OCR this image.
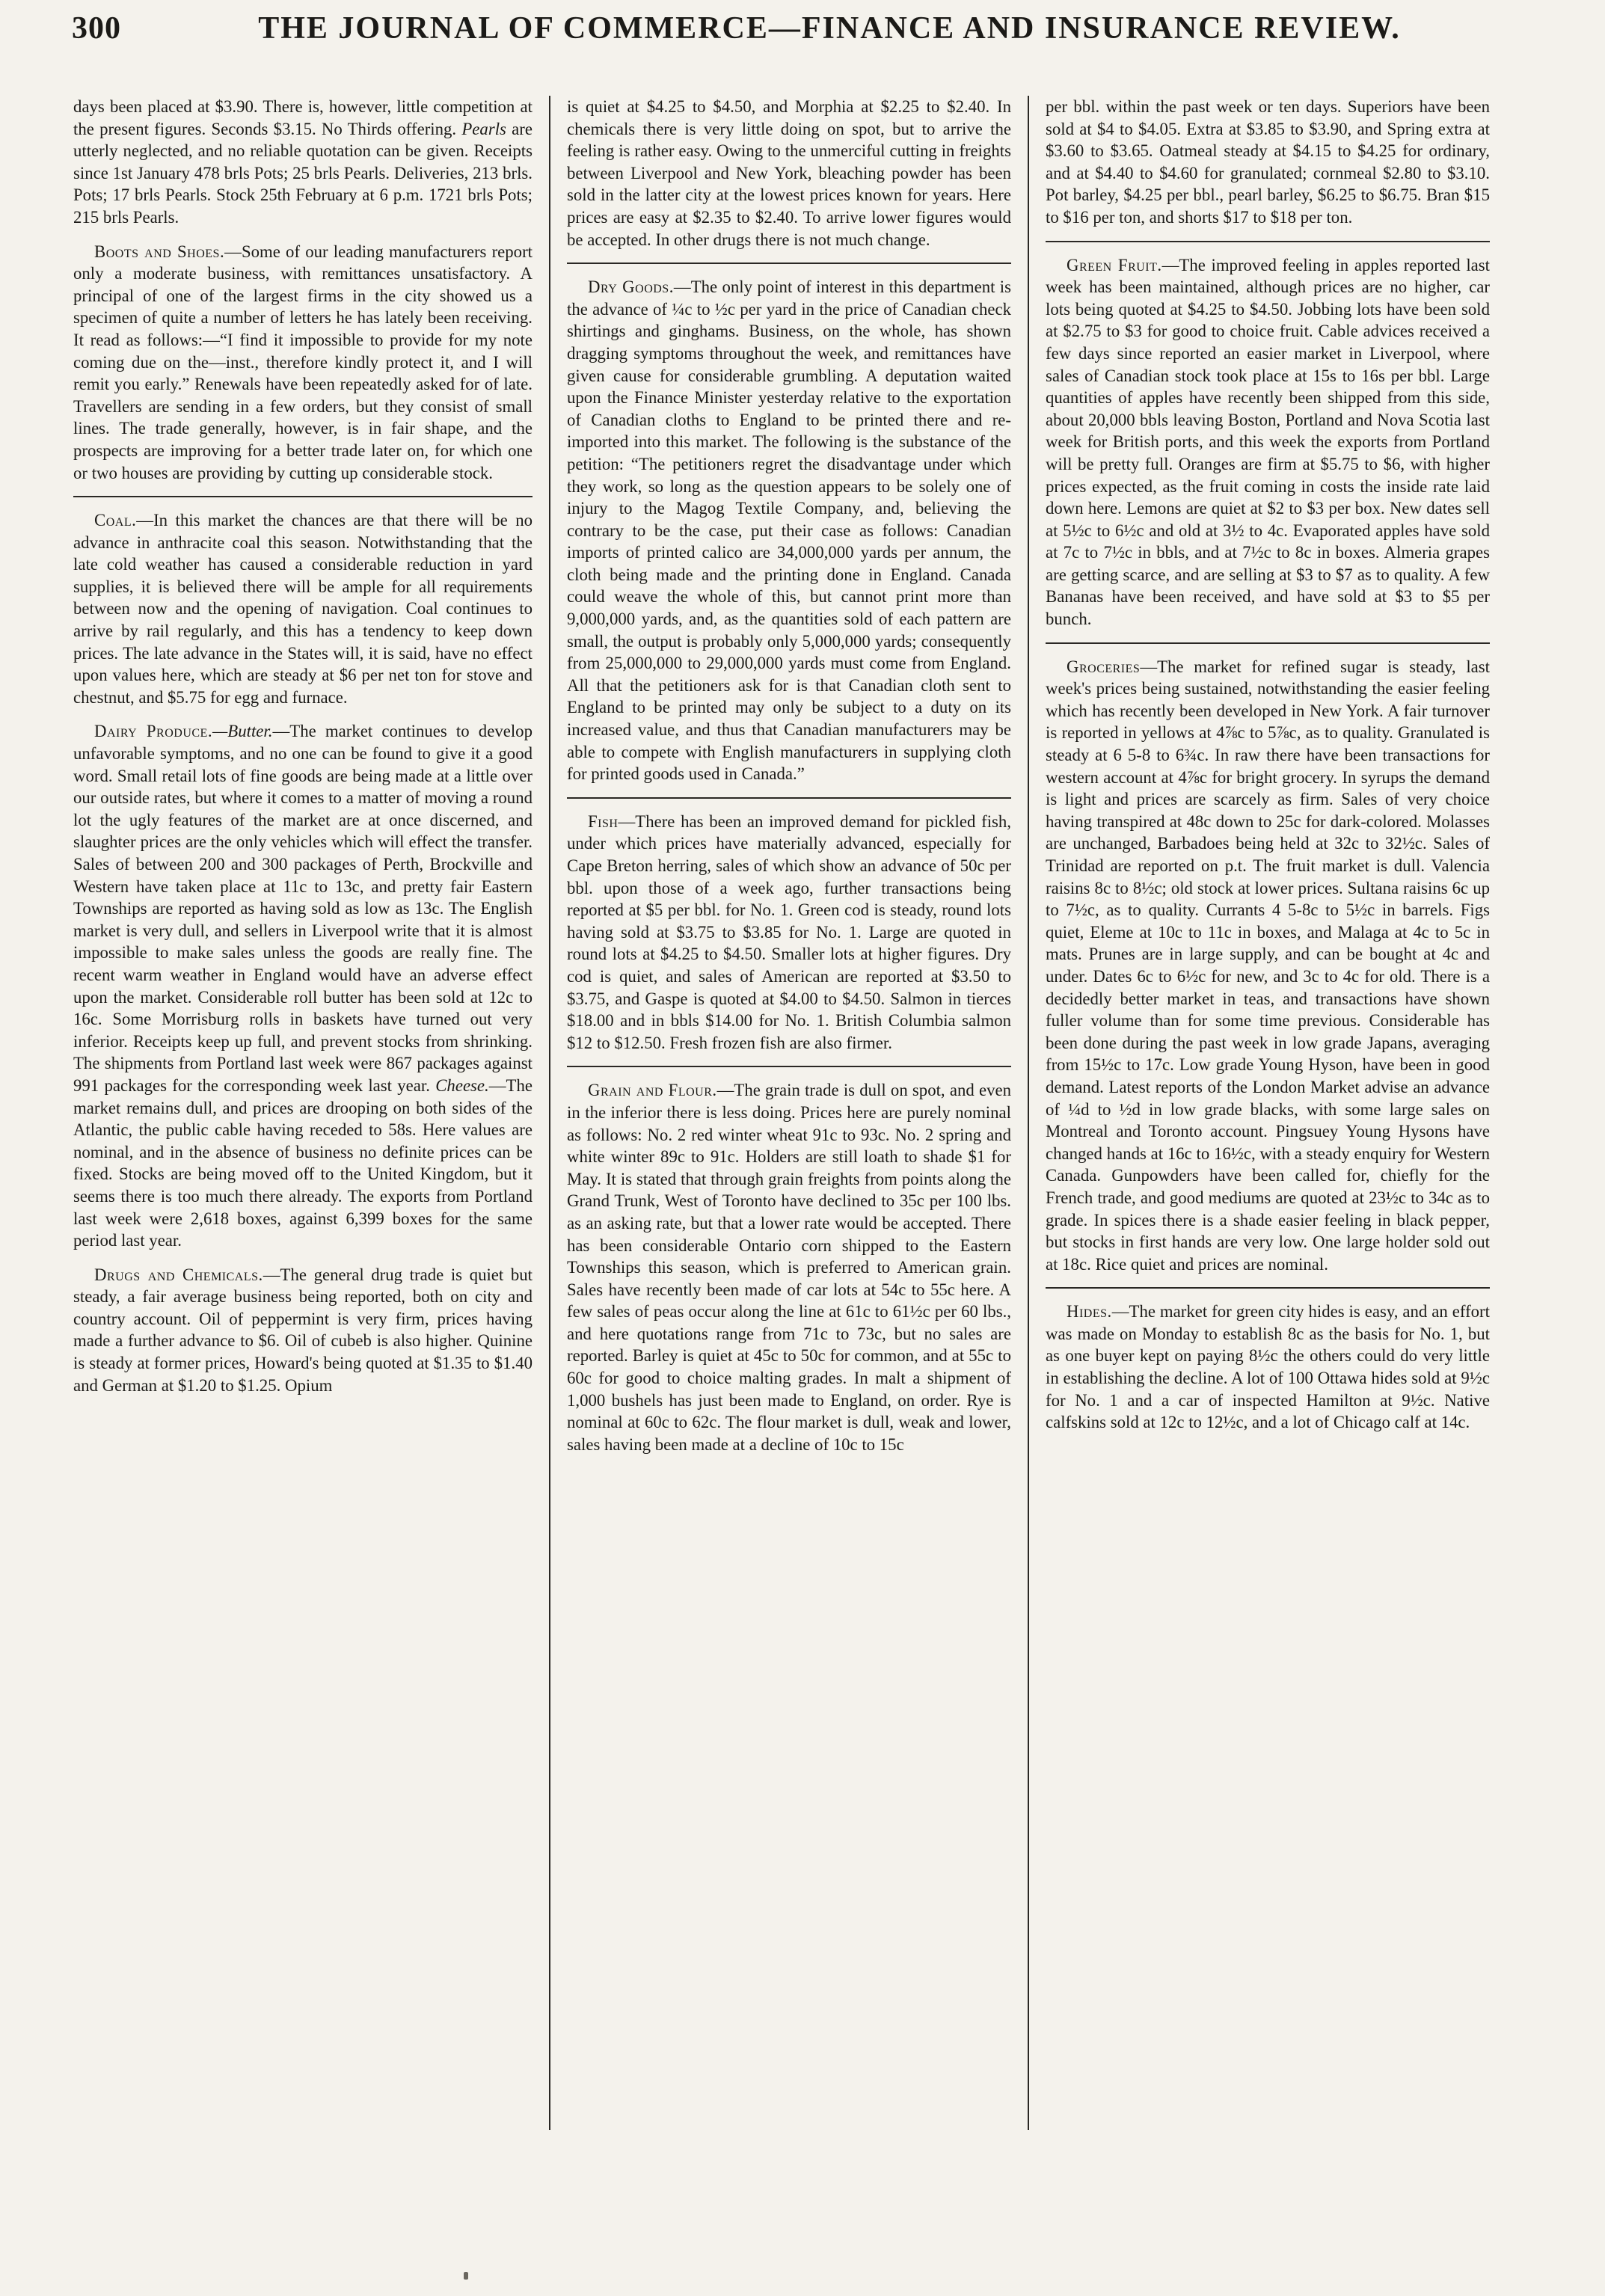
300	THE JOURNAL OF COMMERCE—FINANCE AND INSURANCE REVIEW.

days been placed at $3.90. There is, however, little competition at the present figures. Seconds $3.15. No Thirds offering. Pearls are utterly neglected, and no reliable quotation can be given. Receipts since 1st January 478 brls Pots; 25 brls Pearls. Deliveries, 213 brls. Pots; 17 brls Pearls. Stock 25th February at 6 p.m. 1721 brls Pots; 215 brls Pearls.

Boots and Shoes.—Some of our leading manufacturers report only a moderate business, with remittances unsatisfactory. A principal of one of the largest firms in the city showed us a specimen of quite a number of letters he has lately been receiving. It read as follows:—“I find it impossible to provide for my note coming due on the—inst., therefore kindly protect it, and I will remit you early.” Renewals have been repeatedly asked for of late. Travellers are sending in a few orders, but they consist of small lines. The trade generally, however, is in fair shape, and the prospects are improving for a better trade later on, for which one or two houses are providing by cutting up considerable stock.

Coal.—In this market the chances are that there will be no advance in anthracite coal this season. Notwithstanding that the late cold weather has caused a considerable reduction in yard supplies, it is believed there will be ample for all requirements between now and the opening of navigation. Coal continues to arrive by rail regularly, and this has a tendency to keep down prices. The late advance in the States will, it is said, have no effect upon values here, which are steady at $6 per net ton for stove and chestnut, and $5.75 for egg and furnace.

Dairy Produce.—Butter.—The market continues to develop unfavorable symptoms, and no one can be found to give it a good word. Small retail lots of fine goods are being made at a little over our outside rates, but where it comes to a matter of moving a round lot the ugly features of the market are at once discerned, and slaughter prices are the only vehicles which will effect the transfer. Sales of between 200 and 300 packages of Perth, Brockville and Western have taken place at 11c to 13c, and pretty fair Eastern Townships are reported as having sold as low as 13c. The English market is very dull, and sellers in Liverpool write that it is almost impossible to make sales unless the goods are really fine. The recent warm weather in England would have an adverse effect upon the market. Considerable roll butter has been sold at 12c to 16c. Some Morrisburg rolls in baskets have turned out very inferior. Receipts keep up full, and prevent stocks from shrinking. The shipments from Portland last week were 867 packages against 991 packages for the corresponding week last year. Cheese.—The market remains dull, and prices are drooping on both sides of the Atlantic, the public cable having receded to 58s. Here values are nominal, and in the absence of business no definite prices can be fixed. Stocks are being moved off to the United Kingdom, but it seems there is too much there already. The exports from Portland last week were 2,618 boxes, against 6,399 boxes for the same period last year.

Drugs and Chemicals.—The general drug trade is quiet but steady, a fair average business being reported, both on city and country account. Oil of peppermint is very firm, prices having made a further advance to $6. Oil of cubeb is also higher. Quinine is steady at former prices, Howard's being quoted at $1.35 to $1.40 and German at $1.20 to $1.25. Opium

is quiet at $4.25 to $4.50, and Morphia at $2.25 to $2.40. In chemicals there is very little doing on spot, but to arrive the feeling is rather easy. Owing to the unmerciful cutting in freights between Liverpool and New York, bleaching powder has been sold in the latter city at the lowest prices known for years. Here prices are easy at $2.35 to $2.40. To arrive lower figures would be accepted. In other drugs there is not much change.

Dry Goods.—The only point of interest in this department is the advance of ¼c to ½c per yard in the price of Canadian check shirtings and ginghams. Business, on the whole, has shown dragging symptoms throughout the week, and remittances have given cause for considerable grumbling. A deputation waited upon the Finance Minister yesterday relative to the exportation of Canadian cloths to England to be printed there and re-imported into this market. The following is the substance of the petition: “The petitioners regret the disadvantage under which they work, so long as the question appears to be solely one of injury to the Magog Textile Company, and, believing the contrary to be the case, put their case as follows: Canadian imports of printed calico are 34,000,000 yards per annum, the cloth being made and the printing done in England. Canada could weave the whole of this, but cannot print more than 9,000,000 yards, and, as the quantities sold of each pattern are small, the output is probably only 5,000,000 yards; consequently from 25,000,000 to 29,000,000 yards must come from England. All that the petitioners ask for is that Canadian cloth sent to England to be printed may only be subject to a duty on its increased value, and thus that Canadian manufacturers may be able to compete with English manufacturers in supplying cloth for printed goods used in Canada.”

Fish—There has been an improved demand for pickled fish, under which prices have materially advanced, especially for Cape Breton herring, sales of which show an advance of 50c per bbl. upon those of a week ago, further transactions being reported at $5 per bbl. for No. 1. Green cod is steady, round lots having sold at $3.75 to $3.85 for No. 1. Large are quoted in round lots at $4.25 to $4.50. Smaller lots at higher figures. Dry cod is quiet, and sales of American are reported at $3.50 to $3.75, and Gaspe is quoted at $4.00 to $4.50. Salmon in tierces $18.00 and in bbls $14.00 for No. 1. British Columbia salmon $12 to $12.50. Fresh frozen fish are also firmer.

Grain and Flour.—The grain trade is dull on spot, and even in the inferior there is less doing. Prices here are purely nominal as follows: No. 2 red winter wheat 91c to 93c. No. 2 spring and white winter 89c to 91c. Holders are still loath to shade $1 for May. It is stated that through grain freights from points along the Grand Trunk, West of Toronto have declined to 35c per 100 lbs. as an asking rate, but that a lower rate would be accepted. There has been considerable Ontario corn shipped to the Eastern Townships this season, which is preferred to American grain. Sales have recently been made of car lots at 54c to 55c here. A few sales of peas occur along the line at 61c to 61½c per 60 lbs., and here quotations range from 71c to 73c, but no sales are reported. Barley is quiet at 45c to 50c for common, and at 55c to 60c for good to choice malting grades. In malt a shipment of 1,000 bushels has just been made to England, on order. Rye is nominal at 60c to 62c. The flour market is dull, weak and lower, sales having been made at a decline of 10c to 15c

per bbl. within the past week or ten days. Superiors have been sold at $4 to $4.05. Extra at $3.85 to $3.90, and Spring extra at $3.60 to $3.65. Oatmeal steady at $4.15 to $4.25 for ordinary, and at $4.40 to $4.60 for granulated; cornmeal $2.80 to $3.10. Pot barley, $4.25 per bbl., pearl barley, $6.25 to $6.75. Bran $15 to $16 per ton, and shorts $17 to $18 per ton.

Green Fruit.—The improved feeling in apples reported last week has been maintained, although prices are no higher, car lots being quoted at $4.25 to $4.50. Jobbing lots have been sold at $2.75 to $3 for good to choice fruit. Cable advices received a few days since reported an easier market in Liverpool, where sales of Canadian stock took place at 15s to 16s per bbl. Large quantities of apples have recently been shipped from this side, about 20,000 bbls leaving Boston, Portland and Nova Scotia last week for British ports, and this week the exports from Portland will be pretty full. Oranges are firm at $5.75 to $6, with higher prices expected, as the fruit coming in costs the inside rate laid down here. Lemons are quiet at $2 to $3 per box. New dates sell at 5½c to 6½c and old at 3½ to 4c. Evaporated apples have sold at 7c to 7½c in bbls, and at 7½c to 8c in boxes. Almeria grapes are getting scarce, and are selling at $3 to $7 as to quality. A few Bananas have been received, and have sold at $3 to $5 per bunch.

Groceries—The market for refined sugar is steady, last week's prices being sustained, notwithstanding the easier feeling which has recently been developed in New York. A fair turnover is reported in yellows at 4⅞c to 5⅞c, as to quality. Granulated is steady at 6 5-8 to 6¾c. In raw there have been transactions for western account at 4⅞c for bright grocery. In syrups the demand is light and prices are scarcely as firm. Sales of very choice having transpired at 48c down to 25c for dark-colored. Molasses are unchanged, Barbadoes being held at 32c to 32½c. Sales of Trinidad are reported on p.t. The fruit market is dull. Valencia raisins 8c to 8½c; old stock at lower prices. Sultana raisins 6c up to 7½c, as to quality. Currants 4 5-8c to 5½c in barrels. Figs quiet, Eleme at 10c to 11c in boxes, and Malaga at 4c to 5c in mats. Prunes are in large supply, and can be bought at 4c and under. Dates 6c to 6½c for new, and 3c to 4c for old. There is a decidedly better market in teas, and transactions have shown fuller volume than for some time previous. Considerable has been done during the past week in low grade Japans, averaging from 15½c to 17c. Low grade Young Hyson, have been in good demand. Latest reports of the London Market advise an advance of ¼d to ½d in low grade blacks, with some large sales on Montreal and Toronto account. Pingsuey Young Hysons have changed hands at 16c to 16½c, with a steady enquiry for Western Canada. Gunpowders have been called for, chiefly for the French trade, and good mediums are quoted at 23½c to 34c as to grade. In spices there is a shade easier feeling in black pepper, but stocks in first hands are very low. One large holder sold out at 18c. Rice quiet and prices are nominal.

Hides.—The market for green city hides is easy, and an effort was made on Monday to establish 8c as the basis for No. 1, but as one buyer kept on paying 8½c the others could do very little in establishing the decline. A lot of 100 Ottawa hides sold at 9½c for No. 1 and a car of inspected Hamilton at 9½c. Native calfskins sold at 12c to 12½c, and a lot of Chicago calf at 14c.
